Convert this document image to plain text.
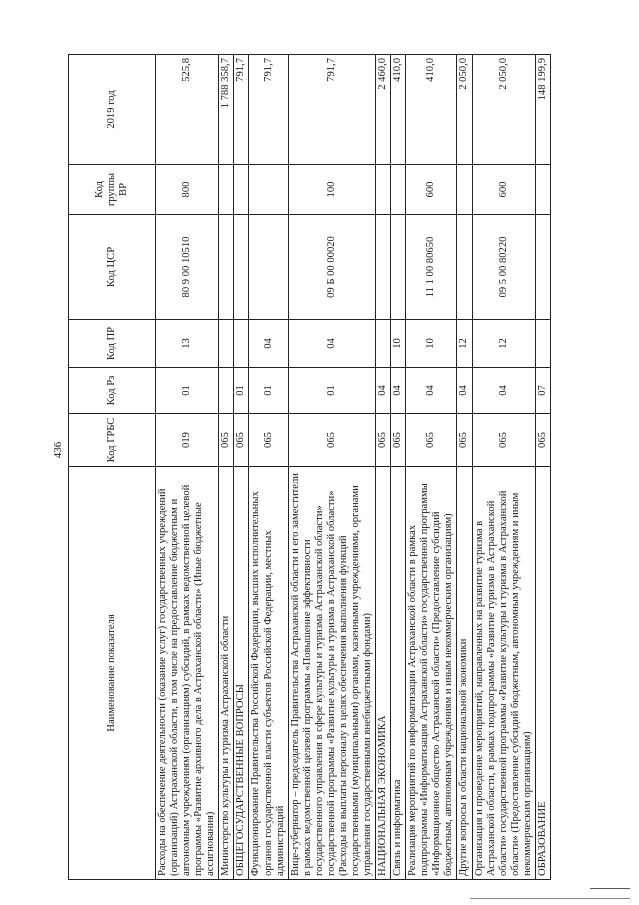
436
Наименование показателя	Код ГРБС	Код Рз	Код ПР	Код ЦСР	Код группы ВР	2019 год
Расходы на обеспечение деятельности (оказание услуг) государственных учреждений (организаций) Астраханской области, в том числе на предоставление бюджетным и автономным учреждениям (организациям) субсидий, в рамках ведомственной целевой программы «Развитие архивного дела в Астраханской области» (Иные бюджетные ассигнования)	019	01	13	80 9 00 10510	800	525,8
Министерство культуры и туризма Астраханской области	065					1 788 358,7
ОБЩЕГОСУДАРСТВЕННЫЕ ВОПРОСЫ	065	01				791,7
Функционирование Правительства Российской Федерации, высших исполнительных органов государственной власти субъектов Российской Федерации, местных администраций	065	01	04			791,7
Вице-губернатор – председатель Правительства Астраханской области и его заместители в рамках ведомственной целевой программы «Повышение эффективности государственного управления в сфере культуры и туризма Астраханской области» государственной программы «Развитие культуры и туризма в Астраханской области» (Расходы на выплаты персоналу в целях обеспечения выполнения функций государственными (муниципальными) органами, казенными учреждениями, органами управления государственными внебюджетными фондами)	065	01	04	09 Б 00 00020	100	791,7
НАЦИОНАЛЬНАЯ ЭКОНОМИКА	065	04				2 460,0
Связь и информатика	065	04	10			410,0
Реализация мероприятий по информатизации Астраханской области в рамках подпрограммы «Информатизация Астраханской области» государственной программы «Информационное общество Астраханской области» (Предоставление субсидий бюджетным, автономным учреждениям и иным некоммерческим организациям)	065	04	10	11 1 00 80650	600	410,0
Другие вопросы в области национальной экономики	065	04	12			2 050,0
Организация и проведение мероприятий, направленных на развитие туризма в Астраханской области, в рамках подпрограммы «Развитие туризма в Астраханской области» государственной программы «Развитие культуры и туризма в Астраханской области» (Предоставление субсидий бюджетным, автономным учреждениям и иным некоммерческим организациям)	065	04	12	09 5 00 80220	600	2 050,0
ОБРАЗОВАНИЕ	065	07				148 199,9
